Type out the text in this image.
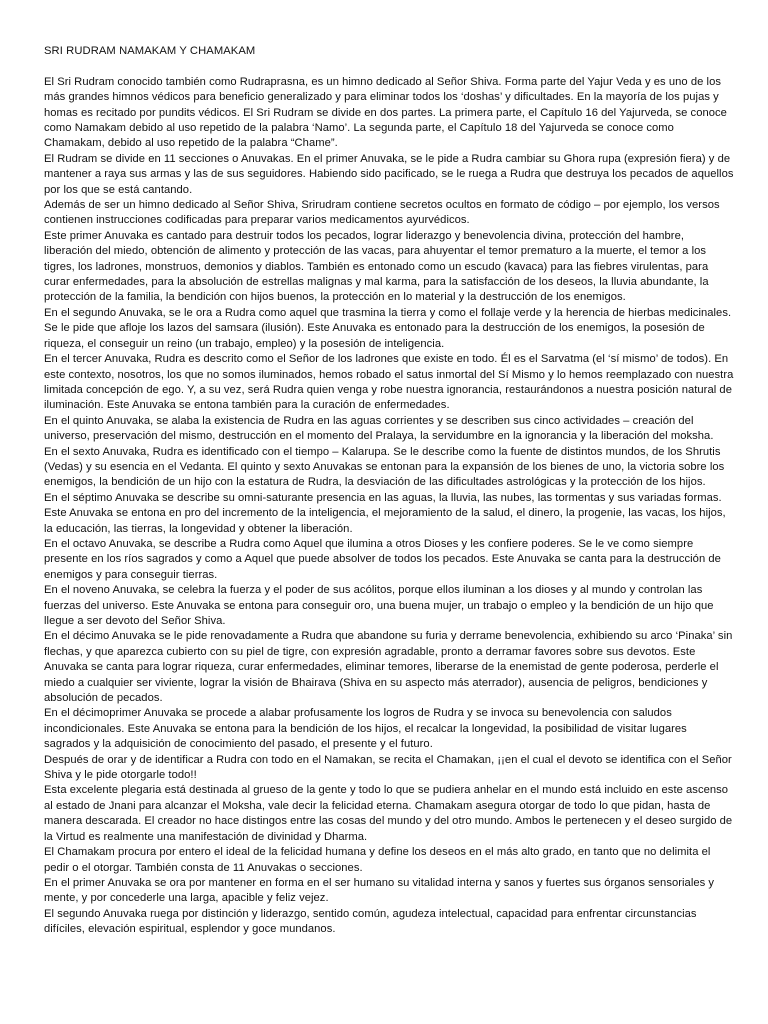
SRI RUDRAM NAMAKAM Y CHAMAKAM

El Sri Rudram conocido también como Rudraprasna, es un himno dedicado al Señor Shiva. Forma parte del Yajur Veda y es uno de los más grandes himnos védicos para beneficio generalizado y para eliminar todos los ‘doshas’ y dificultades. En la mayoría de los pujas y homas es recitado por pundits védicos. El Sri Rudram se divide en dos partes. La primera parte, el Capítulo 16 del Yajurveda, se conoce como Namakam debido al uso repetido de la palabra ‘Namo’. La segunda parte, el Capítulo 18 del Yajurveda se conoce como Chamakam, debido al uso repetido de la palabra “Chame”.

El Rudram se divide en 11 secciones o Anuvakas. En el primer Anuvaka, se le pide a Rudra cambiar su Ghora rupa (expresión fiera) y de mantener a raya sus armas y las de sus seguidores. Habiendo sido pacificado, se le ruega a Rudra que destruya los pecados de aquellos por los que se está cantando.

Además de ser un himno dedicado al Señor Shiva, Srirudram contiene secretos ocultos en formato de código – por ejemplo, los versos contienen instrucciones codificadas para preparar varios medicamentos ayurvédicos.

Este primer Anuvaka es cantado para destruir todos los pecados, lograr liderazgo y benevolencia divina, protección del hambre, liberación del miedo, obtención de alimento y protección de las vacas, para ahuyentar el temor prematuro a la muerte, el temor a los tigres, los ladrones, monstruos, demonios y diablos. También es entonado como un escudo (kavaca) para las fiebres virulentas, para curar enfermedades, para la absolución de estrellas malignas y mal karma, para la satisfacción de los deseos, la lluvia abundante, la protección de la familia, la bendición con hijos buenos, la protección en lo material y la destrucción de los enemigos.

En el segundo Anuvaka, se le ora a Rudra como aquel que trasmina la tierra y como el follaje verde y la herencia de hierbas medicinales. Se le pide que afloje los lazos del samsara (ilusión). Este Anuvaka es entonado para la destrucción de los enemigos, la posesión de riqueza, el conseguir un reino (un trabajo, empleo) y la posesión de inteligencia.

En el tercer Anuvaka, Rudra es descrito como el Señor de los ladrones que existe en todo. Él es el Sarvatma (el ‘sí mismo’ de todos). En este contexto, nosotros, los que no somos iluminados, hemos robado el satus inmortal del Sí Mismo y lo hemos reemplazado con nuestra limitada concepción de ego. Y, a su vez, será Rudra quien venga y robe nuestra ignorancia, restaurándonos a nuestra posición natural de iluminación. Este Anuvaka se entona también para la curación de enfermedades.

En el quinto Anuvaka, se alaba la existencia de Rudra en las aguas corrientes y se describen sus cinco actividades – creación del universo, preservación del mismo, destrucción en el momento del Pralaya, la servidumbre en la ignorancia y la liberación del moksha.

En el sexto Anuvaka, Rudra es identificado con el tiempo – Kalarupa. Se le describe como la fuente de distintos mundos, de los Shrutis (Vedas) y su esencia en el Vedanta. El quinto y sexto Anuvakas se entonan para la expansión de los bienes de uno, la victoria sobre los enemigos, la bendición de un hijo con la estatura de Rudra, la desviación de las dificultades astrológicas y la protección de los hijos.

En el séptimo Anuvaka se describe su omni-saturante presencia en las aguas, la lluvia, las nubes, las tormentas y sus variadas formas. Este Anuvaka se entona en pro del incremento de la inteligencia, el mejoramiento de la salud, el dinero, la progenie, las vacas, los hijos, la educación, las tierras, la longevidad y obtener la liberación.

En el octavo Anuvaka, se describe a Rudra como Aquel que ilumina a otros Dioses y les confiere poderes. Se le ve como siempre presente en los ríos sagrados y como a Aquel que puede absolver de todos los pecados. Este Anuvaka se canta para la destrucción de enemigos y para conseguir tierras.

En el noveno Anuvaka, se celebra la fuerza y el poder de sus acólitos, porque ellos iluminan a los dioses y al mundo y controlan las fuerzas del universo. Este Anuvaka se entona para conseguir oro, una buena mujer, un trabajo o empleo y la bendición de un hijo que llegue a ser devoto del Señor Shiva.

En el décimo Anuvaka se le pide renovadamente a Rudra que abandone su furia y derrame benevolencia, exhibiendo su arco ‘Pinaka’ sin flechas, y que aparezca cubierto con su piel de tigre, con expresión agradable, pronto a derramar favores sobre sus devotos. Este Anuvaka se canta para lograr riqueza, curar enfermedades, eliminar temores, liberarse de la enemistad de gente poderosa, perderle el miedo a cualquier ser viviente, lograr la visión de Bhairava (Shiva en su aspecto más aterrador), ausencia de peligros, bendiciones y absolución de pecados.

En el décimoprimer Anuvaka se procede a alabar profusamente los logros de Rudra y se invoca su benevolencia con saludos incondicionales. Este Anuvaka se entona para la bendición de los hijos, el recalcar la longevidad, la posibilidad de visitar lugares sagrados y la adquisición de conocimiento del pasado, el presente y el futuro.

Después de orar y de identificar a Rudra con todo en el Namakan, se recita el Chamakan, ¡¡en el cual el devoto se identifica con el Señor Shiva y le pide otorgarle todo!!

Esta excelente plegaria está destinada al grueso de la gente y todo lo que se pudiera anhelar en el mundo está incluido en este ascenso al estado de Jnani para alcanzar el Moksha, vale decir la felicidad eterna. Chamakam asegura otorgar de todo lo que pidan, hasta de manera descarada. El creador no hace distingos entre las cosas del mundo y del otro mundo. Ambos le pertenecen y el deseo surgido de la Virtud es realmente una manifestación de divinidad y Dharma.

El Chamakam procura por entero el ideal de la felicidad humana y define los deseos en el más alto grado, en tanto que no delimita el pedir o el otorgar. También consta de 11 Anuvakas o secciones.

En el primer Anuvaka se ora por mantener en forma en el ser humano su vitalidad interna y sanos y fuertes sus órganos sensoriales y mente, y por concederle una larga, apacible y feliz vejez.

El segundo Anuvaka ruega por distinción y liderazgo, sentido común, agudeza intelectual, capacidad para enfrentar circunstancias difíciles, elevación espiritual, esplendor y goce mundanos.
